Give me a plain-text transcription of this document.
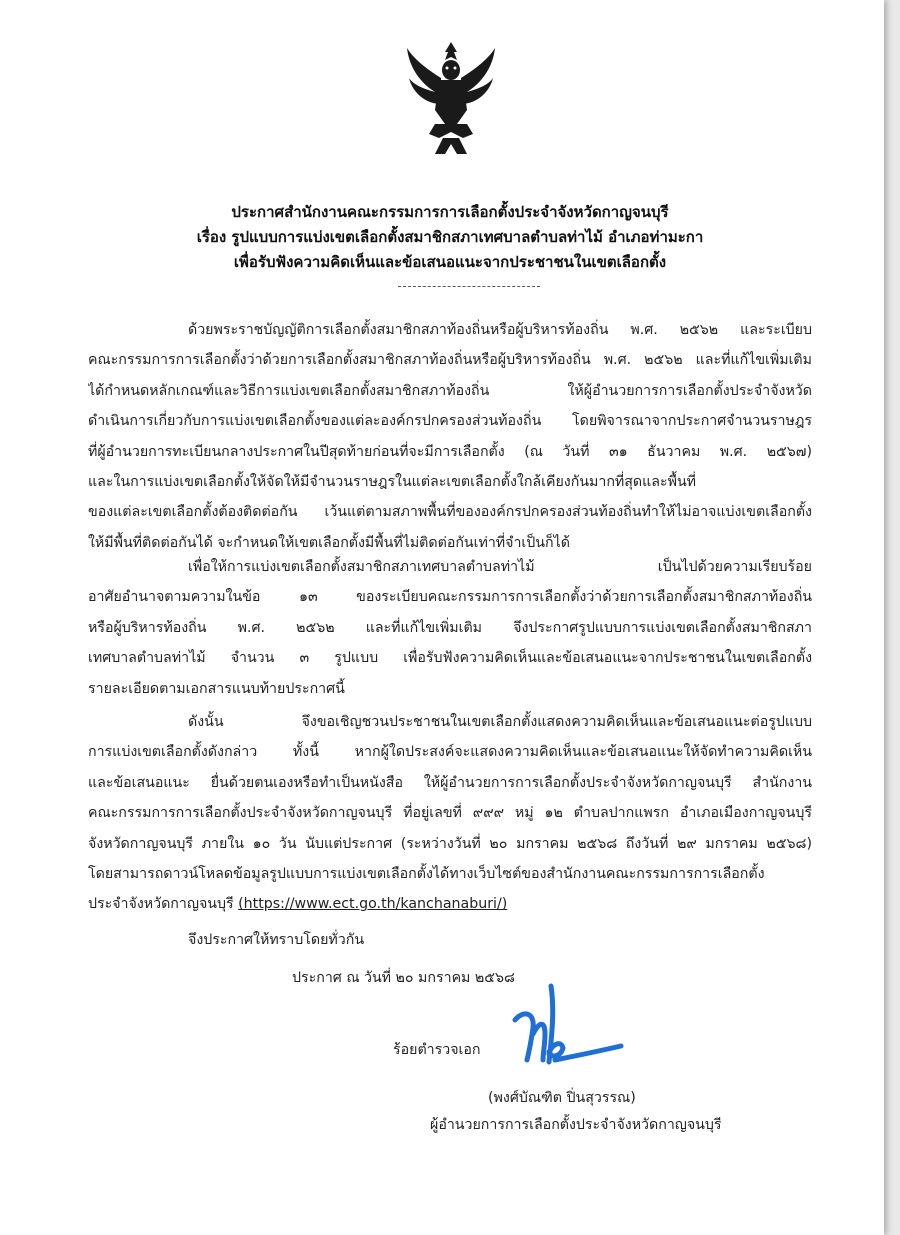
ประกาศสำนักงานคณะกรรมการการเลือกตั้งประจำจังหวัดกาญจนบุรี
เรื่อง รูปแบบการแบ่งเขตเลือกตั้งสมาชิกสภาเทศบาลตำบลท่าไม้ อำเภอท่ามะกา
เพื่อรับฟังความคิดเห็นและข้อเสนอแนะจากประชาชนในเขตเลือกตั้ง
ด้วยพระราชบัญญัติการเลือกตั้งสมาชิกสภาท้องถิ่นหรือผู้บริหารท้องถิ่น พ.ศ. ๒๕๖๒ และระเบียบ
คณะกรรมการการเลือกตั้งว่าด้วยการเลือกตั้งสมาชิกสภาท้องถิ่นหรือผู้บริหารท้องถิ่น พ.ศ. ๒๕๖๒ และที่แก้ไขเพิ่มเติม
ได้กำหนดหลักเกณฑ์และวิธีการแบ่งเขตเลือกตั้งสมาชิกสภาท้องถิ่น ให้ผู้อำนวยการการเลือกตั้งประจำจังหวัด
ดำเนินการเกี่ยวกับการแบ่งเขตเลือกตั้งของแต่ละองค์กรปกครองส่วนท้องถิ่น โดยพิจารณาจากประกาศจำนวนราษฎร
ที่ผู้อำนวยการทะเบียนกลางประกาศในปีสุดท้ายก่อนที่จะมีการเลือกตั้ง (ณ วันที่ ๓๑ ธันวาคม พ.ศ. ๒๕๖๗)
และในการแบ่งเขตเลือกตั้งให้จัดให้มีจำนวนราษฎรในแต่ละเขตเลือกตั้งใกล้เคียงกันมากที่สุดและพื้นที่
ของแต่ละเขตเลือกตั้งต้องติดต่อกัน เว้นแต่ตามสภาพพื้นที่ขององค์กรปกครองส่วนท้องถิ่นทำให้ไม่อาจแบ่งเขตเลือกตั้ง
ให้มีพื้นที่ติดต่อกันได้ จะกำหนดให้เขตเลือกตั้งมีพื้นที่ไม่ติดต่อกันเท่าที่จำเป็นก็ได้
เพื่อให้การแบ่งเขตเลือกตั้งสมาชิกสภาเทศบาลตำบลท่าไม้ เป็นไปด้วยความเรียบร้อย
อาศัยอำนาจตามความในข้อ ๑๓ ของระเบียบคณะกรรมการการเลือกตั้งว่าด้วยการเลือกตั้งสมาชิกสภาท้องถิ่น
หรือผู้บริหารท้องถิ่น พ.ศ. ๒๕๖๒ และที่แก้ไขเพิ่มเติม จึงประกาศรูปแบบการแบ่งเขตเลือกตั้งสมาชิกสภา
เทศบาลตำบลท่าไม้ จำนวน ๓ รูปแบบ เพื่อรับฟังความคิดเห็นและข้อเสนอแนะจากประชาชนในเขตเลือกตั้ง
รายละเอียดตามเอกสารแนบท้ายประกาศนี้
ดังนั้น จึงขอเชิญชวนประชาชนในเขตเลือกตั้งแสดงความคิดเห็นและข้อเสนอแนะต่อรูปแบบ
การแบ่งเขตเลือกตั้งดังกล่าว ทั้งนี้ หากผู้ใดประสงค์จะแสดงความคิดเห็นและข้อเสนอแนะให้จัดทำความคิดเห็น
และข้อเสนอแนะ ยื่นด้วยตนเองหรือทำเป็นหนังสือ ให้ผู้อำนวยการการเลือกตั้งประจำจังหวัดกาญจนบุรี สำนักงาน
คณะกรรมการการเลือกตั้งประจำจังหวัดกาญจนบุรี ที่อยู่เลขที่ ๙๙๙ หมู่ ๑๒ ตำบลปากแพรก อำเภอเมืองกาญจนบุรี
จังหวัดกาญจนบุรี ภายใน ๑๐ วัน นับแต่ประกาศ (ระหว่างวันที่ ๒๐ มกราคม ๒๕๖๘ ถึงวันที่ ๒๙ มกราคม ๒๕๖๘)
โดยสามารถดาวน์โหลดข้อมูลรูปแบบการแบ่งเขตเลือกตั้งได้ทางเว็บไซต์ของสำนักงานคณะกรรมการการเลือกตั้ง
ประจำจังหวัดกาญจนบุรี (https://www.ect.go.th/kanchanaburi/)
จึงประกาศให้ทราบโดยทั่วกัน
ประกาศ ณ วันที่ ๒๐ มกราคม ๒๕๖๘
ร้อยตำรวจเอก
(พงศ์บัณฑิต ปิ่นสุวรรณ)
ผู้อำนวยการการเลือกตั้งประจำจังหวัดกาญจนบุรี
